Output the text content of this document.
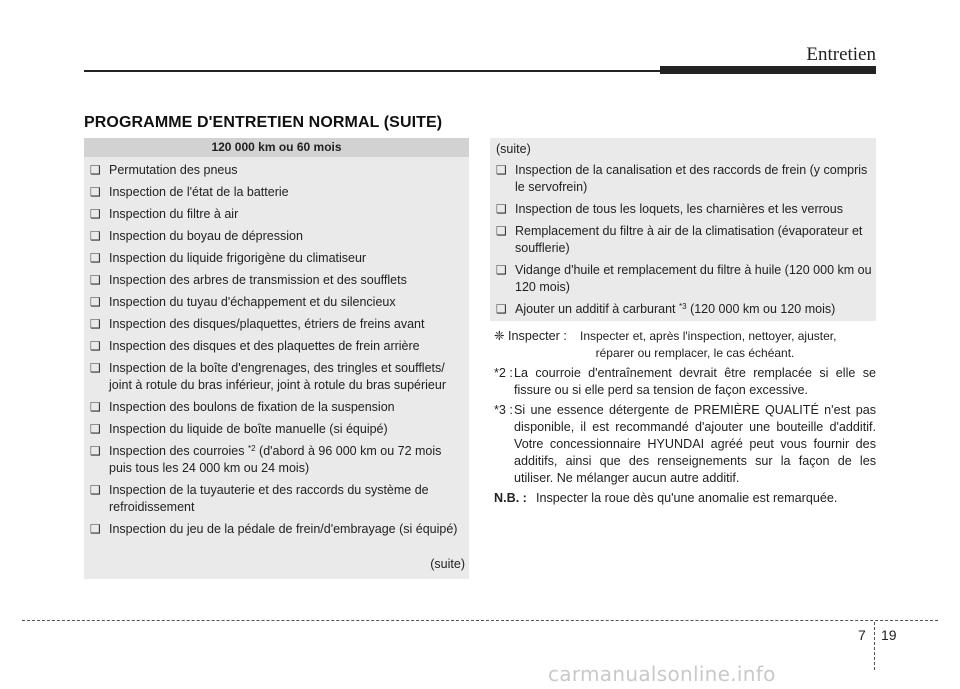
Entretien
PROGRAMME D'ENTRETIEN NORMAL (SUITE)
120 000 km ou 60 mois
❑ Permutation des pneus
❑ Inspection de l'état de la batterie
❑ Inspection du filtre à air
❑ Inspection du boyau de dépression
❑ Inspection du liquide frigorigène du climatiseur
❑ Inspection des arbres de transmission et des soufflets
❑ Inspection du tuyau d'échappement et du silencieux
❑ Inspection des disques/plaquettes, étriers de freins avant
❑ Inspection des disques et des plaquettes de frein arrière
❑ Inspection de la boîte d'engrenages, des tringles et soufflets/ joint à rotule du bras inférieur, joint à rotule du bras supérieur
❑ Inspection des boulons de fixation de la suspension
❑ Inspection du liquide de boîte manuelle (si équipé)
❑ Inspection des courroies $^{*2}$ (d'abord à 96 000 km ou 72 mois puis tous les 24 000 km ou 24 mois)
❑ Inspection de la tuyauterie et des raccords du système de refroidissement
❑ Inspection du jeu de la pédale de frein/d'embrayage (si équipé)
(suite)
(suite)
❑ Inspection de la canalisation et des raccords de frein (y compris le servofrein)
❑ Inspection de tous les loquets, les charnières et les verrous
❑ Remplacement du filtre à air de la climatisation (évaporateur et soufflerie)
❑ Vidange d'huile et remplacement du filtre à huile (120 000 km ou 120 mois)
❑ Ajouter un additif à carburant $^{*3}$ (120 000 km ou 120 mois)
❈ Inspecter :	Inspecter et, après l'inspection, nettoyer, ajuster,
réparer ou remplacer, le cas échéant.
*2 : La courroie d'entraînement devrait être remplacée si elle se fissure ou si elle perd sa tension de façon excessive.
*3 : Si une essence détergente de PREMIÈRE QUALITÉ n'est pas disponible, il est recommandé d'ajouter une bouteille d'additif. Votre concessionnaire HYUNDAI agréé peut vous fournir des additifs, ainsi que des renseignements sur la façon de les utiliser. Ne mélanger aucun autre additif.
N.B. : Inspecter la roue dès qu'une anomalie est remarquée.
7 19
carmanualsonline.info
